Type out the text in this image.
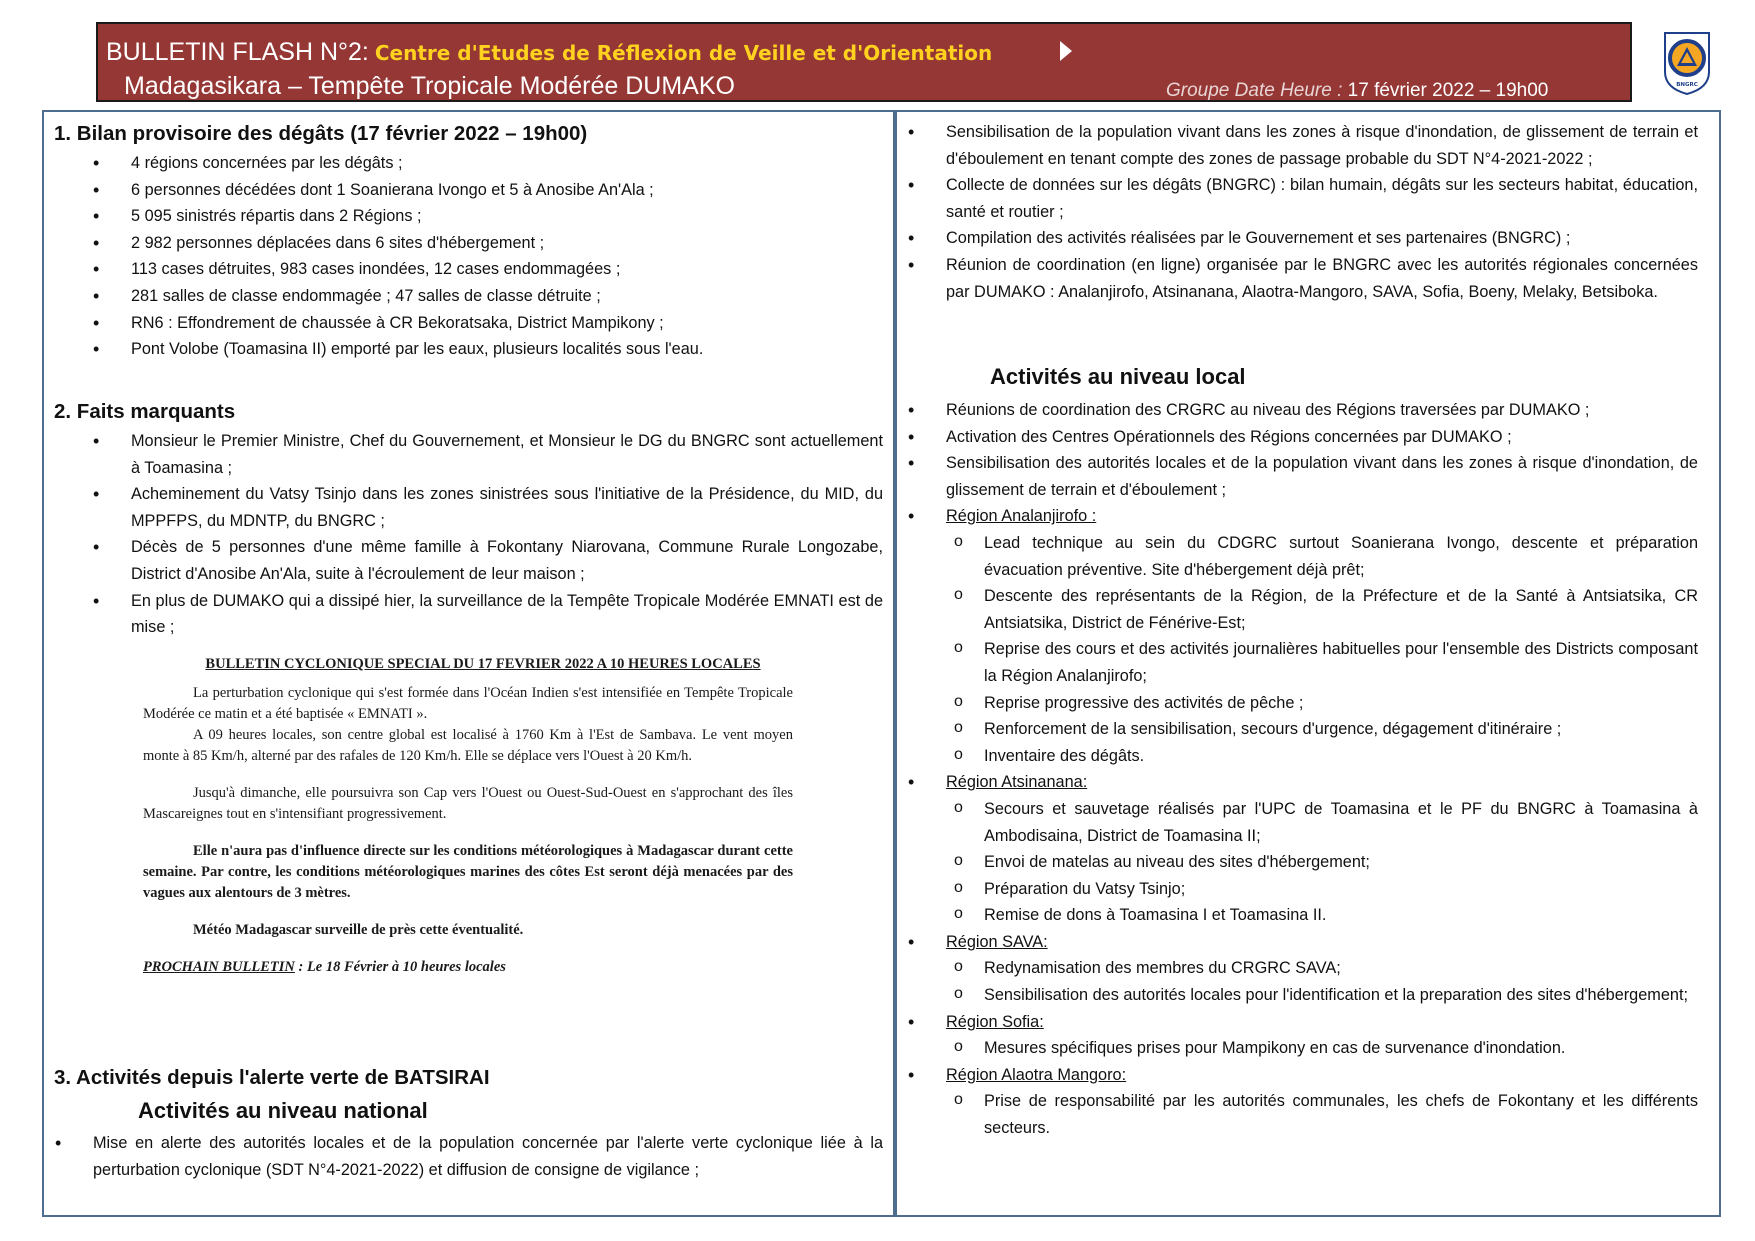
BULLETIN FLASH N°2: Centre d'Etudes de Réflexion de Veille et d'Orientation
Madagasikara – Tempête Tropicale Modérée DUMAKO	Groupe Date Heure : 17 février 2022 – 19h00	BNGRC
1. Bilan provisoire des dégâts (17 février 2022 – 19h00)
• 4 régions concernées par les dégâts ;
• 6 personnes décédées dont 1 Soanierana Ivongo et 5 à Anosibe An'Ala ;
• 5 095 sinistrés répartis dans 2 Régions ;
• 2 982 personnes déplacées dans 6 sites d'hébergement ;
• 113 cases détruites, 983 cases inondées, 12 cases endommagées ;
• 281 salles de classe endommagée ; 47 salles de classe détruite ;
• RN6 : Effondrement de chaussée à CR Bekoratsaka, District Mampikony ;
• Pont Volobe (Toamasina II) emporté par les eaux, plusieurs localités sous l'eau.
2. Faits marquants
• Monsieur le Premier Ministre, Chef du Gouvernement, et Monsieur le DG du BNGRC sont actuellement à Toamasina ;
• Acheminement du Vatsy Tsinjo dans les zones sinistrées sous l'initiative de la Présidence, du MID, du MPPFPS, du MDNTP, du BNGRC ;
• Décès de 5 personnes d'une même famille à Fokontany Niarovana, Commune Rurale Longozabe, District d'Anosibe An'Ala, suite à l'écroulement de leur maison ;
• En plus de DUMAKO qui a dissipé hier, la surveillance de la Tempête Tropicale Modérée EMNATI est de mise ;

BULLETIN CYCLONIQUE SPECIAL DU 17 FEVRIER 2022 A 10 HEURES LOCALES

La perturbation cyclonique qui s'est formée dans l'Océan Indien s'est intensifiée en Tempête Tropicale Modérée ce matin et a été baptisée « EMNATI ».

A 09 heures locales, son centre global est localisé à 1760 Km à l'Est de Sambava. Le vent moyen monte à 85 Km/h, alterné par des rafales de 120 Km/h. Elle se déplace vers l'Ouest à 20 Km/h.

Jusqu'à dimanche, elle poursuivra son Cap vers l'Ouest ou Ouest-Sud-Ouest en s'approchant des îles Mascareignes tout en s'intensifiant progressivement.

Elle n'aura pas d'influence directe sur les conditions météorologiques à Madagascar durant cette semaine. Par contre, les conditions météorologiques marines des côtes Est seront déjà menacées par des vagues aux alentours de 3 mètres.

Météo Madagascar surveille de près cette éventualité.

PROCHAIN BULLETIN : Le 18 Février à 10 heures locales

3. Activités depuis l'alerte verte de BATSIRAI
Activités au niveau national
• Mise en alerte des autorités locales et de la population concernée par l'alerte verte cyclonique liée à la perturbation cyclonique (SDT N°4-2021-2022) et diffusion de consigne de vigilance ;
• Sensibilisation de la population vivant dans les zones à risque d'inondation, de glissement de terrain et d'éboulement en tenant compte des zones de passage probable du SDT N°4-2021-2022 ;
• Collecte de données sur les dégâts (BNGRC) : bilan humain, dégâts sur les secteurs habitat, éducation, santé et routier ;
• Compilation des activités réalisées par le Gouvernement et ses partenaires (BNGRC) ;
• Réunion de coordination (en ligne) organisée par le BNGRC avec les autorités régionales concernées par DUMAKO : Analanjirofo, Atsinanana, Alaotra-Mangoro, SAVA, Sofia, Boeny, Melaky, Betsiboka.
Activités au niveau local
• Réunions de coordination des CRGRC au niveau des Régions traversées par DUMAKO ;
• Activation des Centres Opérationnels des Régions concernées par DUMAKO ;
• Sensibilisation des autorités locales et de la population vivant dans les zones à risque d'inondation, de glissement de terrain et d'éboulement ;
• Région Analanjirofo :
o Lead technique au sein du CDGRC surtout Soanierana Ivongo, descente et préparation évacuation préventive. Site d'hébergement déjà prêt;
o Descente des représentants de la Région, de la Préfecture et de la Santé à Antsiatsika, CR Antsiatsika, District de Fénérive-Est;
o Reprise des cours et des activités journalières habituelles pour l'ensemble des Districts composant la Région Analanjirofo;
o Reprise progressive des activités de pêche ;
o Renforcement de la sensibilisation, secours d'urgence, dégagement d'itinéraire ;
o Inventaire des dégâts.
• Région Atsinanana:
o Secours et sauvetage réalisés par l'UPC de Toamasina et le PF du BNGRC à Toamasina à Ambodisaina, District de Toamasina II;
o Envoi de matelas au niveau des sites d'hébergement;
o Préparation du Vatsy Tsinjo;
o Remise de dons à Toamasina I et Toamasina II.
• Région SAVA:
o Redynamisation des membres du CRGRC SAVA;
o Sensibilisation des autorités locales pour l'identification et la preparation des sites d'hébergement;
• Région Sofia:
o Mesures spécifiques prises pour Mampikony en cas de survenance d'inondation.
• Région Alaotra Mangoro:
o Prise de responsabilité par les autorités communales, les chefs de Fokontany et les différents secteurs.
